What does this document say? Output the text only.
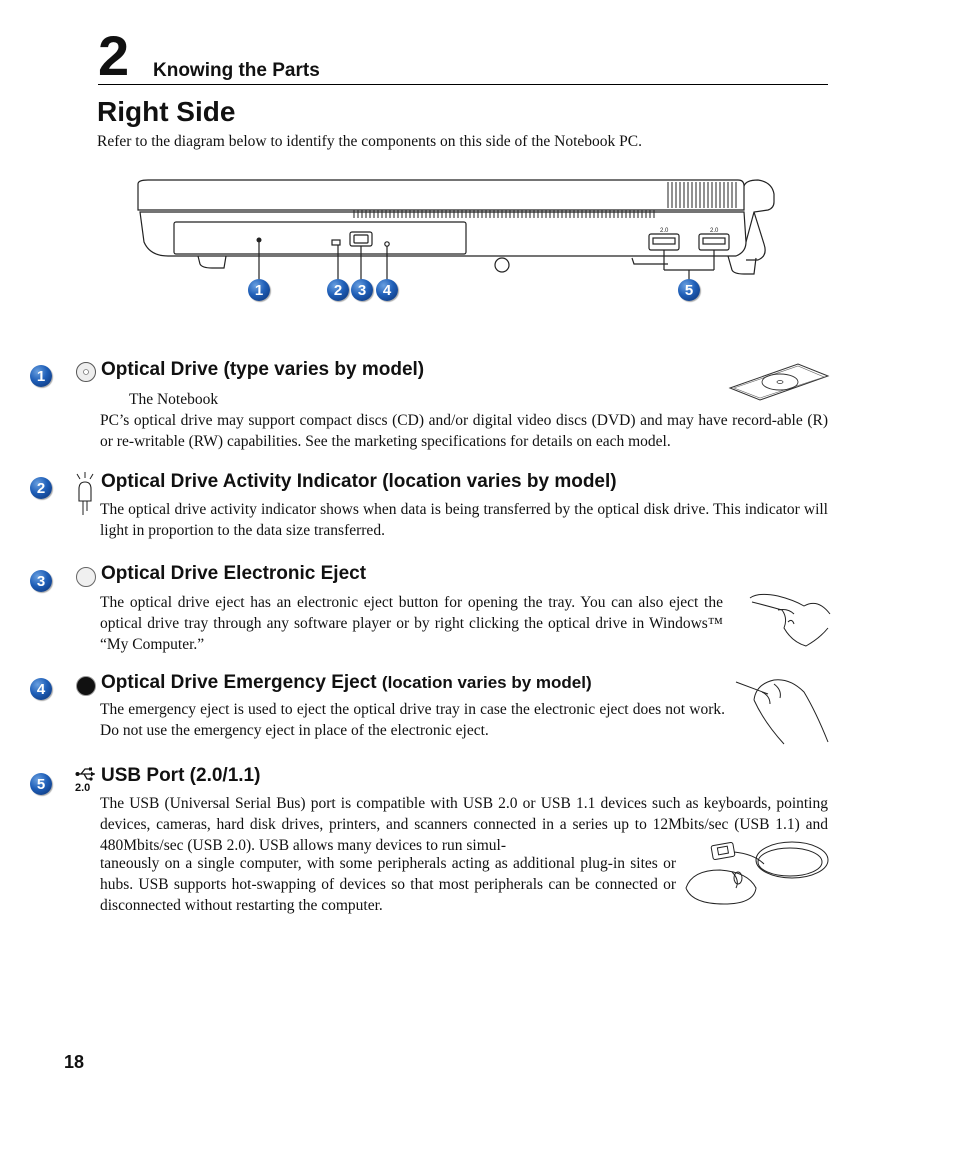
2 Knowing the Parts
Right Side
Refer to the diagram below to identify the components on this side of the Notebook PC.
2.0	2.0
1	2	3	4	5
1	Optical Drive (type varies by model)
The Notebook
PC’s optical drive may support compact discs (CD) and/or digital video discs (DVD) and may have record-able (R) or re-writable (RW) capabilities. See the marketing specifications for details on each model.
2	Optical Drive Activity Indicator (location varies by model)
The optical drive activity indicator shows when data is being transferred by the optical disk drive. This indicator will light in proportion to the data size transferred.
3	Optical Drive Electronic Eject
The optical drive eject has an electronic eject button for opening the tray. You can also eject the optical drive tray through any software player or by right clicking the optical drive in Windows™ “My Computer.”
4	Optical Drive Emergency Eject (location varies by model)
The emergency eject is used to eject the optical drive tray in case the electronic eject does not work. Do not use the emergency eject in place of the electronic eject.
5	2.0
USB Port (2.0/1.1)
The USB (Universal Serial Bus) port is compatible with USB 2.0 or USB 1.1 devices such as keyboards, pointing devices, cameras, hard disk drives, printers, and scanners connected in a series up to 12Mbits/sec (USB 1.1) and 480Mbits/sec (USB 2.0). USB allows many devices to run simul-
taneously on a single computer, with some peripherals acting as additional plug-in sites or hubs. USB supports hot-swapping of devices so that most peripherals can be connected or disconnected without restarting the computer.
18
